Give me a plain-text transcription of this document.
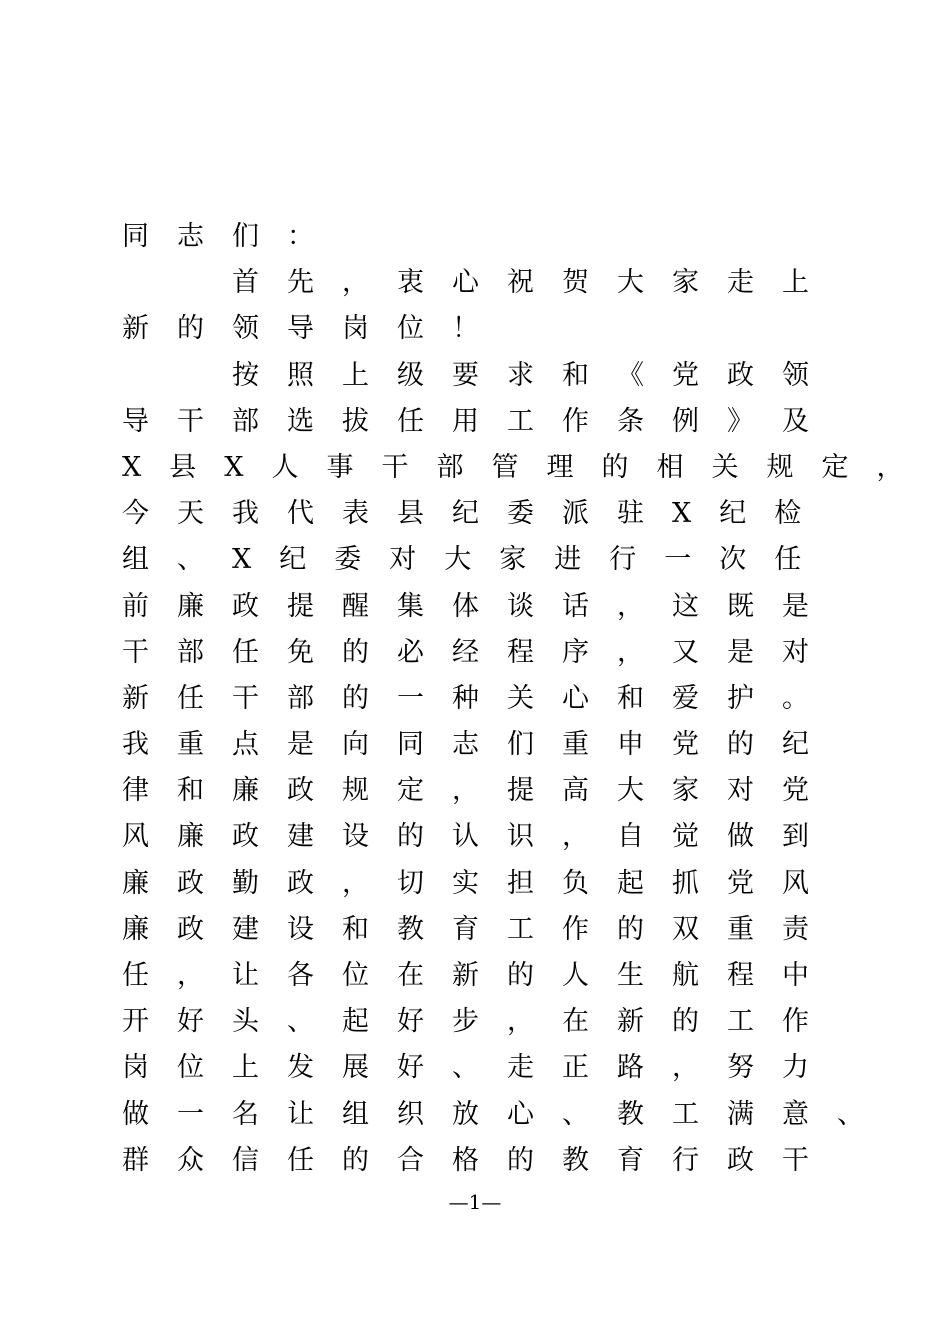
同志们：
首先，衷心祝贺大家走上
新的领导岗位！
按照上级要求和《党政领
导干部选拔任用工作条例》及
X县X人事干部管理的相关规定，
今天我代表县纪委派驻X纪检
组、X纪委对大家进行一次任
前廉政提醒集体谈话，这既是
干部任免的必经程序，又是对
新任干部的一种关心和爱护。
我重点是向同志们重申党的纪
律和廉政规定，提高大家对党
风廉政建设的认识，自觉做到
廉政勤政，切实担负起抓党风
廉政建设和教育工作的双重责
任，让各位在新的人生航程中
开好头、起好步，在新的工作
岗位上发展好、走正路，努力
做一名让组织放心、教工满意、
群众信任的合格的教育行政干
—1—
